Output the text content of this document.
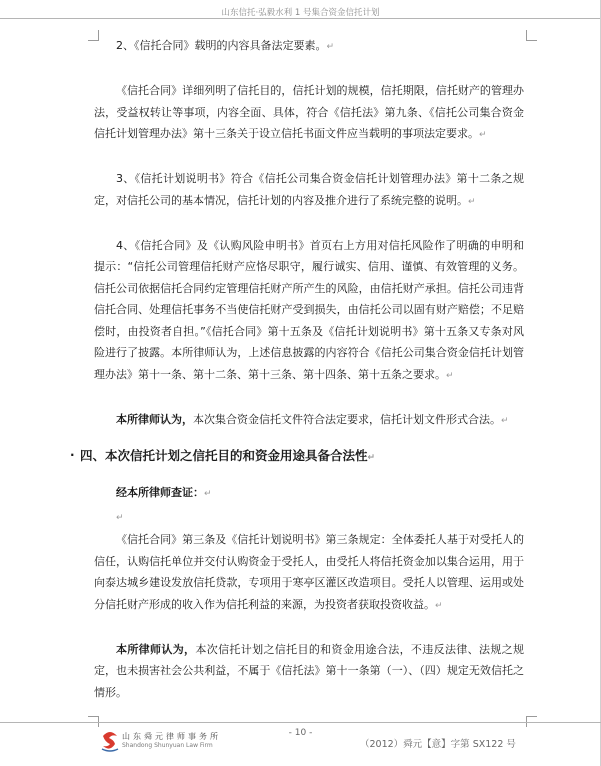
山东信托·弘毅水利 1 号集合资金信托计划

2、《信托合同》载明的内容具备法定要素。↵

《信托合同》详细列明了信托目的，信托计划的规模，信托期限，信托财产的管理办法，受益权转让等事项，内容全面、具体，符合《信托法》第九条、《信托公司集合资金信托计划管理办法》第十三条关于设立信托书面文件应当载明的事项法定要求。↵

3、《信托计划说明书》符合《信托公司集合资金信托计划管理办法》第十二条之规定，对信托公司的基本情况，信托计划的内容及推介进行了系统完整的说明。↵

4、《信托合同》及《认购风险申明书》首页右上方用对信托风险作了明确的申明和提示：“信托公司管理信托财产应恪尽职守，履行诚实、信用、谨慎、有效管理的义务。信托公司依据信托合同约定管理信托财产所产生的风险，由信托财产承担。信托公司违背信托合同、处理信托事务不当使信托财产受到损失，由信托公司以固有财产赔偿；不足赔偿时，由投资者自担。”《信托合同》第十五条及《信托计划说明书》第十五条又专条对风险进行了披露。本所律师认为，上述信息披露的内容符合《信托公司集合资金信托计划管理办法》第十一条、第十二条、第十三条、第十四条、第十五条之要求。↵

本所律师认为，本次集合资金信托文件符合法定要求，信托计划文件形式合法。↵

· 四、本次信托计划之信托目的和资金用途具备合法性↵

经本所律师查证：↵

↵

《信托合同》第三条及《信托计划说明书》第三条规定：全体委托人基于对受托人的信任，认购信托单位并交付认购资金于受托人，由受托人将信托资金加以集合运用，用于向泰达城乡建设发放信托贷款，专项用于寒亭区灌区改造项目。受托人以管理、运用或处分信托财产形成的收入作为信托利益的来源，为投资者获取投资收益。↵

本所律师认为，本次信托计划之信托目的和资金用途合法，不违反法律、法规之规定，也未损害社会公共利益，不属于《信托法》第十一条第（一）、（四）规定无效信托之情形。

山东舜元律师事务所
Shandong Shunyuan Law Firm
- 10 -
（2012）舜元【意】字第 SX122 号
